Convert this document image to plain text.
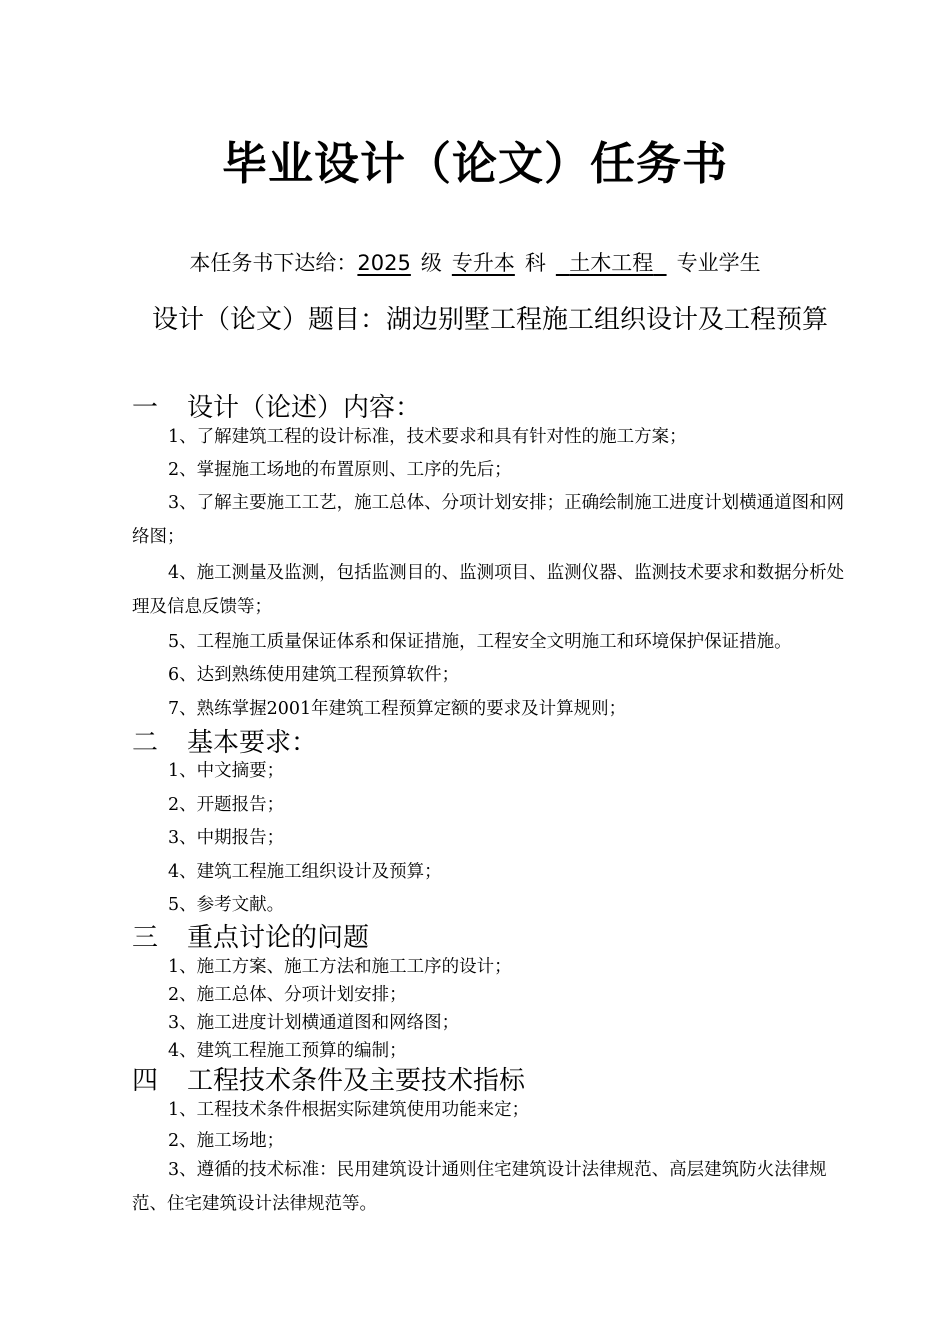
毕业设计（论文）任务书
本任务书下达给：2025 级 专升本 科 土木工程 专业学生
设计（论文）题目：湖边别墅工程施工组织设计及工程预算
一 设计（论述）内容：
1、了解建筑工程的设计标准，技术要求和具有针对性的施工方案；
2、掌握施工场地的布置原则、工序的先后；
3、了解主要施工工艺，施工总体、分项计划安排；正确绘制施工进度计划横通道图和网络图；
4、施工测量及监测，包括监测目的、监测项目、监测仪器、监测技术要求和数据分析处理及信息反馈等；
5、工程施工质量保证体系和保证措施，工程安全文明施工和环境保护保证措施。
6、达到熟练使用建筑工程预算软件；
7、熟练掌握2001年建筑工程预算定额的要求及计算规则；
二 基本要求：
1、中文摘要；
2、开题报告；
3、中期报告；
4、建筑工程施工组织设计及预算；
5、参考文献。
三 重点讨论的问题
1、施工方案、施工方法和施工工序的设计；
2、施工总体、分项计划安排；
3、施工进度计划横通道图和网络图；
4、建筑工程施工预算的编制；
四 工程技术条件及主要技术指标
1、工程技术条件根据实际建筑使用功能来定；
2、施工场地；
3、遵循的技术标准：民用建筑设计通则住宅建筑设计法律规范、高层建筑防火法律规范、住宅建筑设计法律规范等。
